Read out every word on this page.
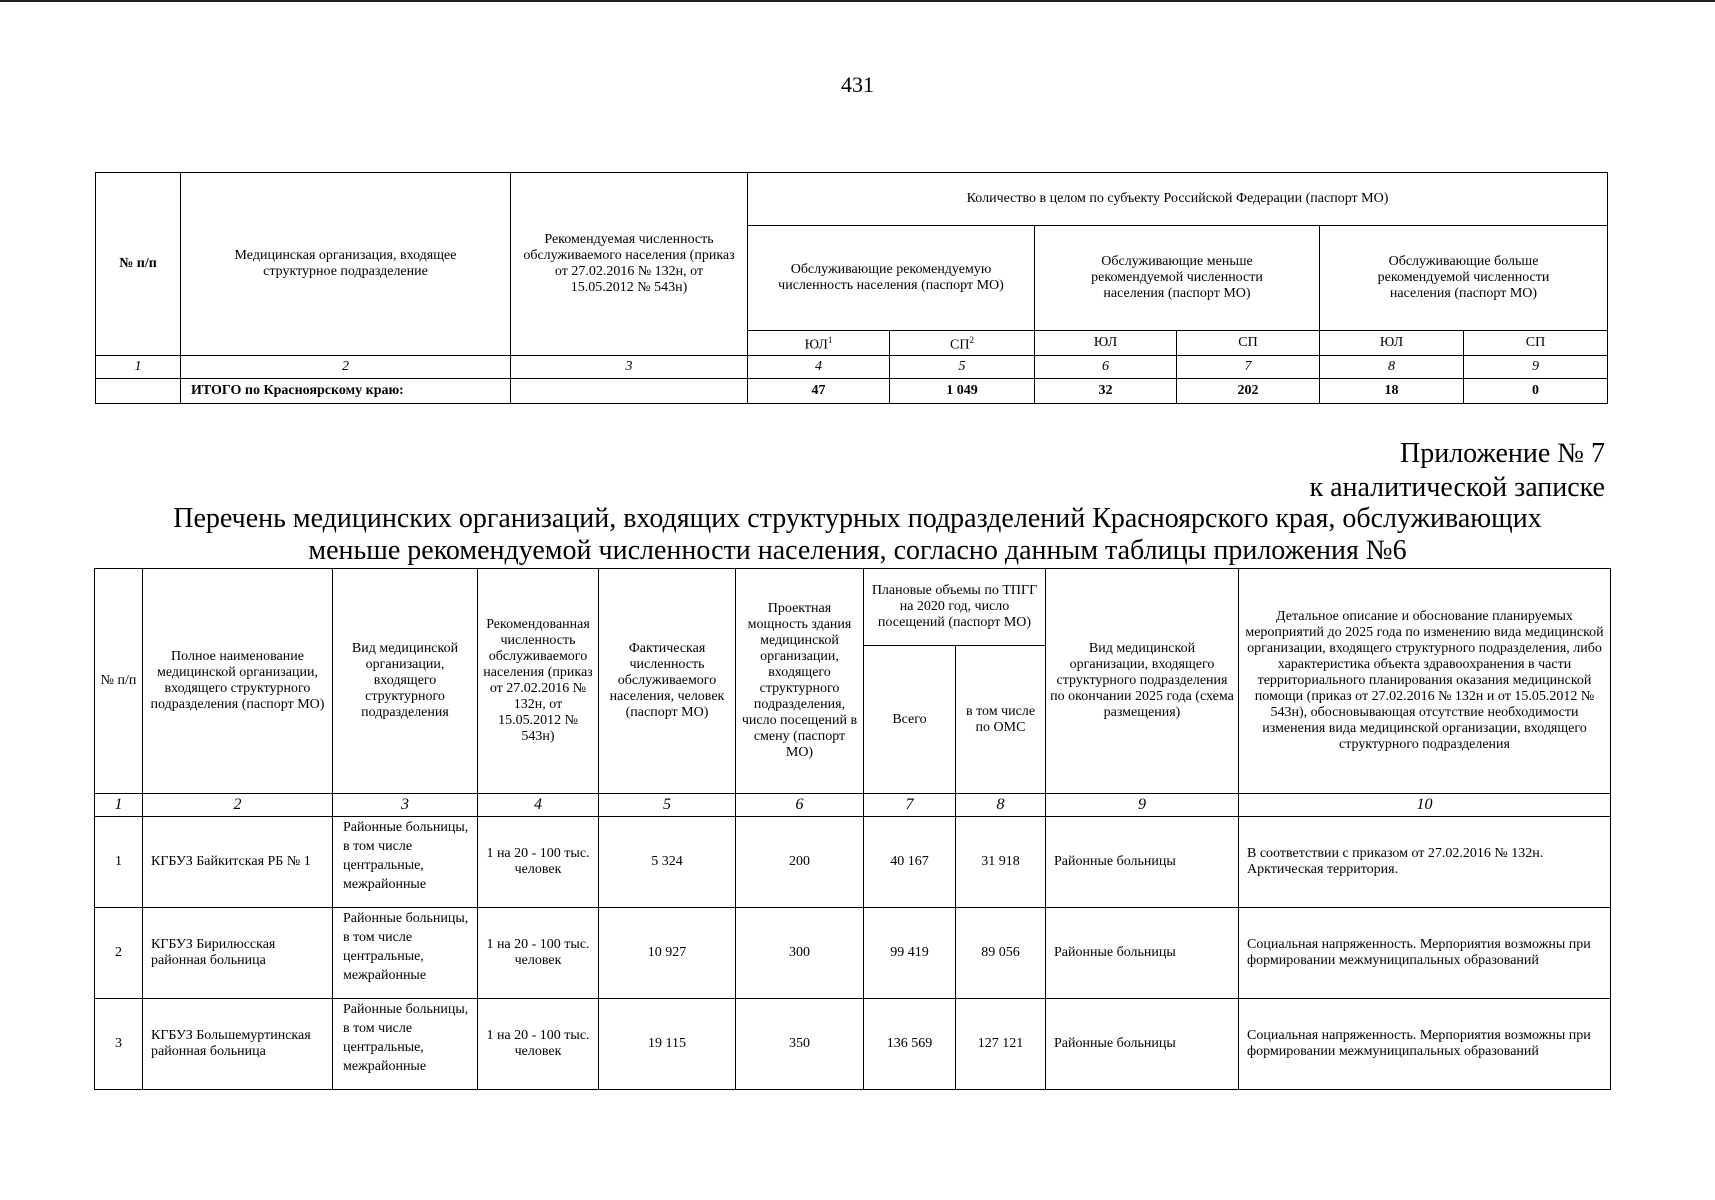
431
№ п/п	Медицинская организация, входящее структурное подразделение	Рекомендуемая численность обслуживаемого населения (приказ от 27.02.2016 № 132н, от 15.05.2012 № 543н)	Количество в целом по субъекту Российской Федерации (паспорт МО)					
			Обслуживающие рекомендуемую численность населения (паспорт МО)		Обслуживающие меньше рекомендуемой численности населения (паспорт МО)		Обслуживающие больше рекомендуемой численности населения (паспорт МО)	
			$ЮЛ^1$	$СП^2$	ЮЛ	СП	ЮЛ	СП
1	2	3	4	5	6	7	8	9
	ИТОГО по Красноярскому краю:		47	1 049	32	202	18	0
Приложение № 7
к аналитической записке
Перечень медицинских организаций, входящих структурных подразделений Красноярского края, обслуживающих
меньше рекомендуемой численности населения, согласно данным таблицы приложения №6
№ п/п	Полное наименование медицинской организации, входящего структурного подразделения (паспорт МО)	Вид медицинской организации, входящего структурного подразделения	Рекомендованная численность обслуживаемого населения (приказ от 27.02.2016 № 132н, от 15.05.2012 № 543н)	Фактическая численность обслуживаемого населения, человек (паспорт МО)	Проектная мощность здания медицинской организации, входящего структурного подразделения, число посещений в смену (паспорт МО)	Плановые объемы по ТПГГ на 2020 год, число посещений (паспорт МО)		Вид медицинской организации, входящего структурного подразделения по окончании 2025 года (схема размещения)	Детальное описание и обоснование планируемых мероприятий до 2025 года по изменению вида медицинской организации, входящего структурного подразделения, либо характеристика объекта здравоохранения в части территориального планирования оказания медицинской помощи (приказ от 27.02.2016 № 132н и от 15.05.2012 № 543н), обосновывающая отсутствие необходимости изменения вида медицинской организации, входящего структурного подразделения
						Всего	в том числе по ОМС		
1	2	3	4	5	6	7	8	9	10
1	КГБУЗ Байкитская РБ № 1	Районные больницы, в том числе центральные, межрайонные	1 на 20 - 100 тыс. человек	5 324	200	40 167	31 918	Районные больницы	В соответствии с приказом от 27.02.2016 № 132н. Арктическая территория.
2	КГБУЗ Бирилюсская районная больница	Районные больницы, в том числе центральные, межрайонные	1 на 20 - 100 тыс. человек	10 927	300	99 419	89 056	Районные больницы	Социальная напряженность. Мерпориятия возможны при формировании межмуниципальных образований
3	КГБУЗ Большемуртинская районная больница	Районные больницы, в том числе центральные, межрайонные	1 на 20 - 100 тыс. человек	19 115	350	136 569	127 121	Районные больницы	Социальная напряженность. Мерпориятия возможны при формировании межмуниципальных образований
